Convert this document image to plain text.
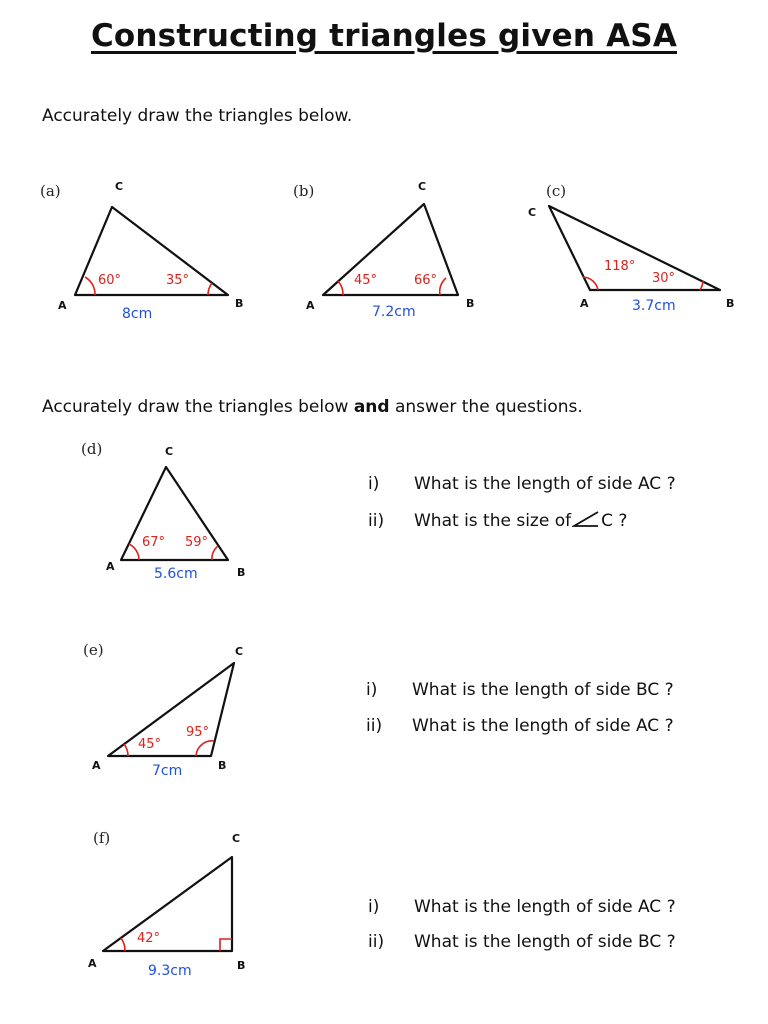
Constructing triangles given ASA
Accurately draw the triangles below.
(a)	C
A	B
60°	35°
8cm
(b)	C
A	B
45°	66°
7.2cm
(c)
C
A	B
118°
30°
3.7cm
(d)	C
A	B
67° 59°
5.6cm
(e)	C
A	B
45°
95°
7cm
(f)	C
A	B
42°
9.3cm
Accurately draw the triangles below and answer the questions.
i) What is the length of side AC ?
ii) What is the size of C ?
i) What is the length of side BC ?
ii) What is the length of side AC ?
i) What is the length of side AC ?
ii) What is the length of side BC ?
